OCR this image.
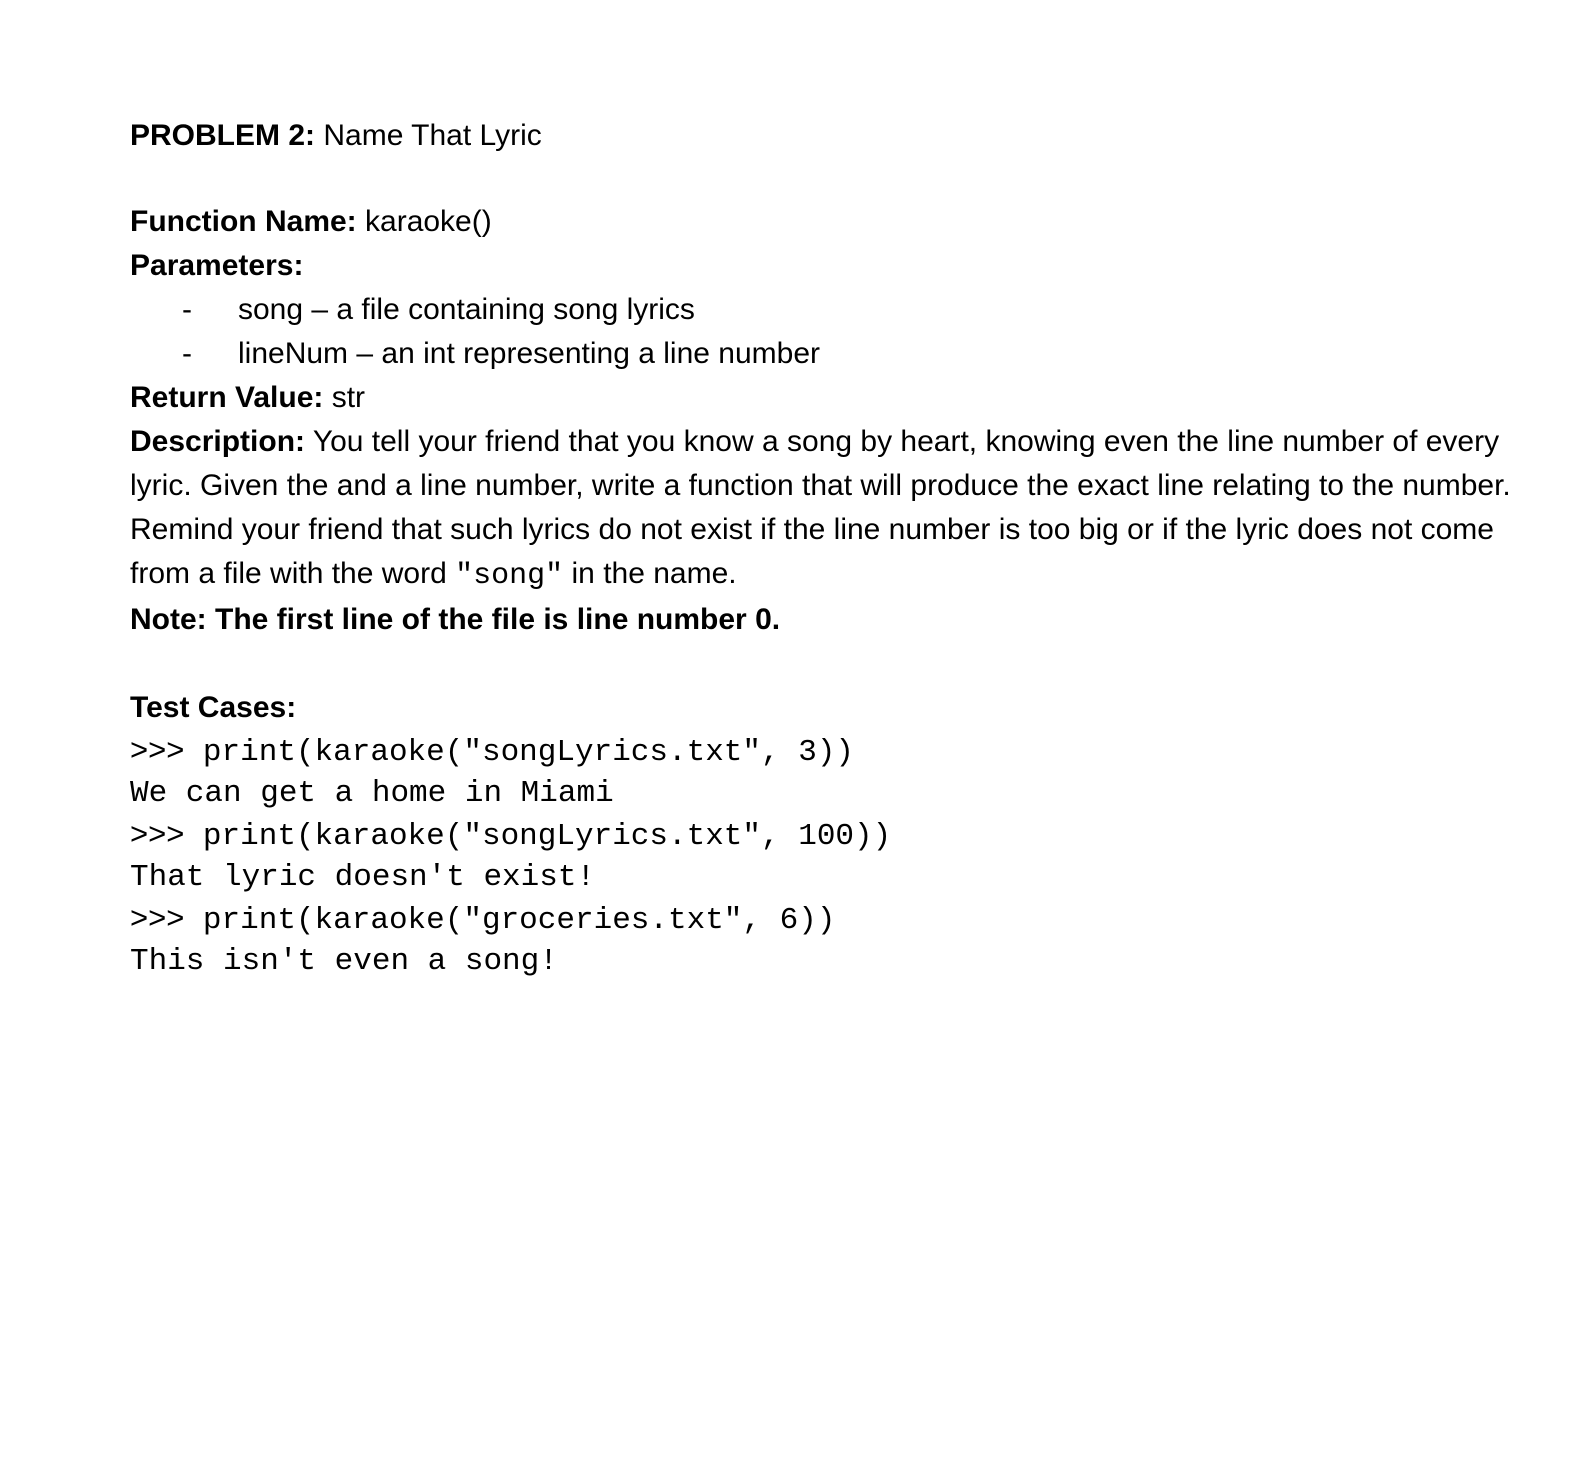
PROBLEM 2: Name That Lyric
Function Name: karaoke()
Parameters:
- song – a file containing song lyrics
- lineNum – an int representing a line number
Return Value: str
Description: You tell your friend that you know a song by heart, knowing even the line number of every lyric. Given the and a line number, write a function that will produce the exact line relating to the number. Remind your friend that such lyrics do not exist if the line number is too big or if the lyric does not come from a file with the word "song" in the name.
Note: The first line of the file is line number 0.
Test Cases:
>>> print(karaoke("songLyrics.txt", 3))
We can get a home in Miami
>>> print(karaoke("songLyrics.txt", 100))
That lyric doesn't exist!
>>> print(karaoke("groceries.txt", 6))
This isn't even a song!
